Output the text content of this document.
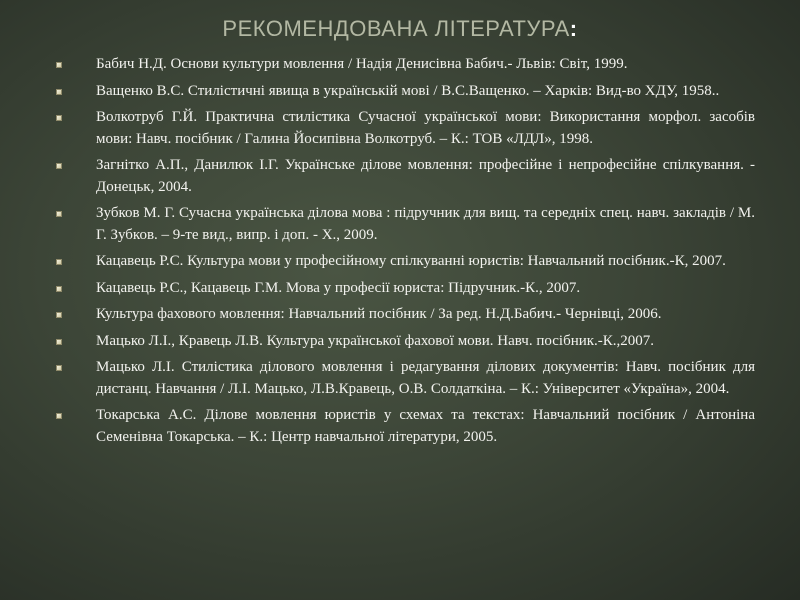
РЕКОМЕНДОВАНА ЛІТЕРАТУРА:
Бабич Н.Д. Основи культури мовлення / Надія Денисівна Бабич.- Львів: Світ, 1999.
Ващенко В.С. Стилістичні явища в українській мові / В.С.Ващенко. – Харків: Вид-во ХДУ, 1958..
Волкотруб Г.Й. Практична стилістика Сучасної української мови: Використання морфол. засобів мови: Навч. посібник / Галина Йосипівна Волкотруб. – К.: ТОВ «ЛДЛ», 1998.
Загнітко А.П., Данилюк І.Г. Українське ділове мовлення: професійне і непрофесійне спілкування. - Донецьк, 2004.
Зубков М. Г. Сучасна українська ділова мова : підручник для вищ. та середніх спец. навч. закладів / М. Г. Зубков. – 9-те вид., випр. і доп. - Х., 2009.
Кацавець Р.С. Культура мови у професійному спілкуванні юристів: Навчальний посібник.-К, 2007.
Кацавець Р.С., Кацавець Г.М. Мова у професії юриста: Підручник.-К., 2007.
Культура фахового мовлення: Навчальний посібник / За ред. Н.Д.Бабич.- Чернівці, 2006.
Мацько Л.І., Кравець Л.В. Культура української фахової мови. Навч. посібник.-К.,2007.
Мацько Л.І. Стилістика ділового мовлення і редагування ділових документів: Навч. посібник для дистанц. Навчання / Л.І. Мацько, Л.В.Кравець, О.В. Солдаткіна. – К.: Університет «Україна», 2004.
Токарська А.С. Ділове мовлення юристів у схемах та текстах: Навчальний посібник / Антоніна Семенівна Токарська. – К.: Центр навчальної літератури, 2005.
